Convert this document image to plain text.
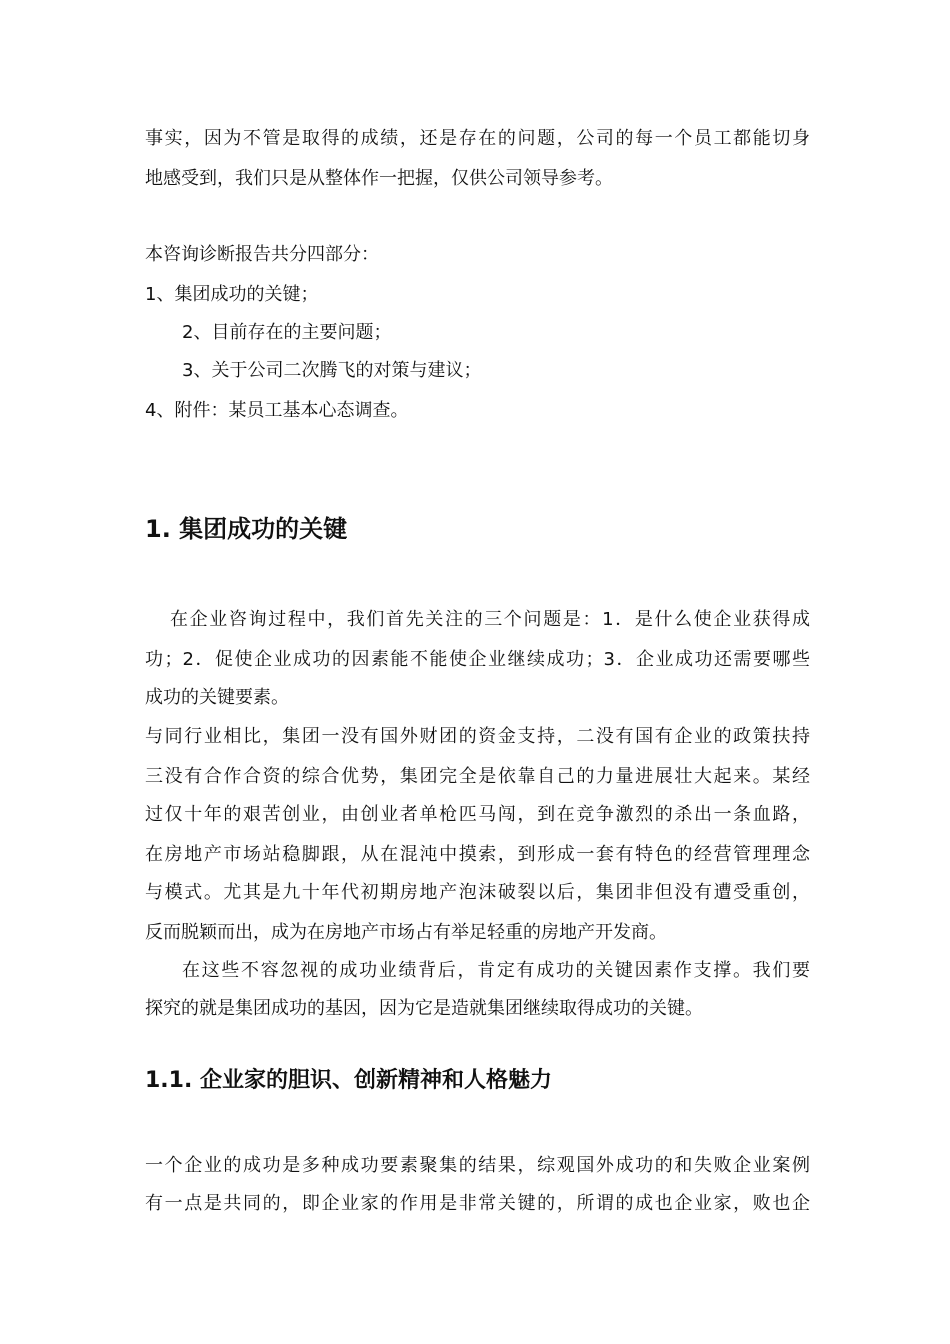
事实，因为不管是取得的成绩，还是存在的问题，公司的每一个员工都能切身
地感受到，我们只是从整体作一把握，仅供公司领导参考。
本咨询诊断报告共分四部分：
1、集团成功的关键；
2、目前存在的主要问题；
3、关于公司二次腾飞的对策与建议；
4、附件：某员工基本心态调查。
1. 集团成功的关键
在企业咨询过程中，我们首先关注的三个问题是：1．是什么使企业获得成
功；2．促使企业成功的因素能不能使企业继续成功；3．企业成功还需要哪些
成功的关键要素。
与同行业相比，集团一没有国外财团的资金支持，二没有国有企业的政策扶持
三没有合作合资的综合优势，集团完全是依靠自己的力量进展壮大起来。某经
过仅十年的艰苦创业，由创业者单枪匹马闯，到在竞争激烈的杀出一条血路，
在房地产市场站稳脚跟，从在混沌中摸索，到形成一套有特色的经营管理理念
与模式。尤其是九十年代初期房地产泡沫破裂以后，集团非但没有遭受重创，
反而脱颖而出，成为在房地产市场占有举足轻重的房地产开发商。
在这些不容忽视的成功业绩背后，肯定有成功的关键因素作支撑。我们要
探究的就是集团成功的基因，因为它是造就集团继续取得成功的关键。
1.1. 企业家的胆识、创新精神和人格魅力
一个企业的成功是多种成功要素聚集的结果，综观国外成功的和失败企业案例
有一点是共同的，即企业家的作用是非常关键的，所谓的成也企业家，败也企
